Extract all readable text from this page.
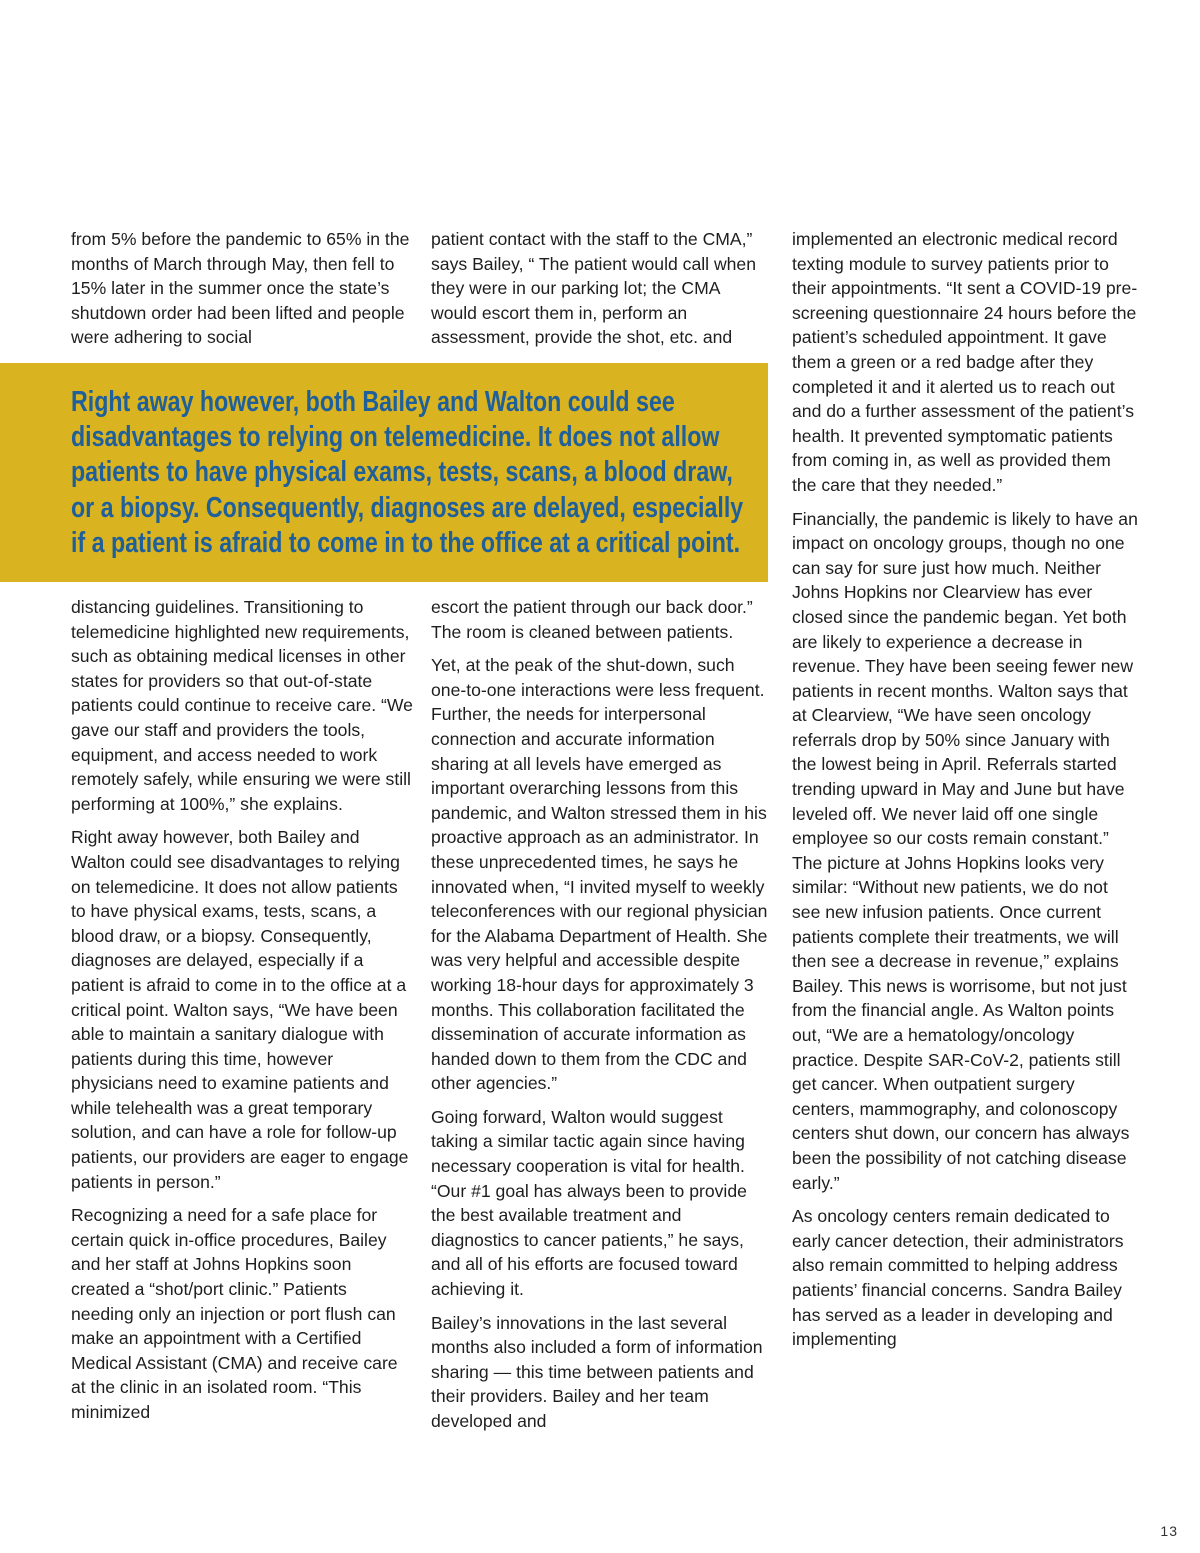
from 5% before the pandemic to 65% in the months of March through May, then fell to 15% later in the summer once the state’s shutdown order had been lifted and people were adhering to social

patient contact with the staff to the CMA,” says Bailey, “ The patient would call when they were in our parking lot; the CMA would escort them in, perform an assessment, provide the shot, etc. and

Right away however, both Bailey and Walton could see disadvantages to relying on telemedicine. It does not allow patients to have physical exams, tests, scans, a blood draw, or a biopsy. Consequently, diagnoses are delayed, especially if a patient is afraid to come in to the office at a critical point.

distancing guidelines. Transitioning to telemedicine highlighted new requirements, such as obtaining medical licenses in other states for providers so that out-of-state patients could continue to receive care. “We gave our staff and providers the tools, equipment, and access needed to work remotely safely, while ensuring we were still performing at 100%,” she explains.

Right away however, both Bailey and Walton could see disadvantages to relying on telemedicine. It does not allow patients to have physical exams, tests, scans, a blood draw, or a biopsy. Consequently, diagnoses are delayed, especially if a patient is afraid to come in to the office at a critical point. Walton says, “We have been able to maintain a sanitary dialogue with patients during this time, however physicians need to examine patients and while telehealth was a great temporary solution, and can have a role for follow-up patients, our providers are eager to engage patients in person.”

Recognizing a need for a safe place for certain quick in-office procedures, Bailey and her staff at Johns Hopkins soon created a “shot/port clinic.” Patients needing only an injection or port flush can make an appointment with a Certified Medical Assistant (CMA) and receive care at the clinic in an isolated room. “This minimized

escort the patient through our back door.” The room is cleaned between patients.

Yet, at the peak of the shut-down, such one-to-one interactions were less frequent. Further, the needs for interpersonal connection and accurate information sharing at all levels have emerged as important overarching lessons from this pandemic, and Walton stressed them in his proactive approach as an administrator. In these unprecedented times, he says he innovated when, “I invited myself to weekly teleconferences with our regional physician for the Alabama Department of Health. She was very helpful and accessible despite working 18-hour days for approximately 3 months. This collaboration facilitated the dissemination of accurate information as handed down to them from the CDC and other agencies.”

Going forward, Walton would suggest taking a similar tactic again since having necessary cooperation is vital for health. “Our #1 goal has always been to provide the best available treatment and diagnostics to cancer patients,” he says, and all of his efforts are focused toward achieving it.

Bailey’s innovations in the last several months also included a form of information sharing — this time between patients and their providers. Bailey and her team developed and

implemented an electronic medical record texting module to survey patients prior to their appointments. “It sent a COVID-19 pre-screening questionnaire 24 hours before the patient’s scheduled appointment. It gave them a green or a red badge after they completed it and it alerted us to reach out and do a further assessment of the patient’s health. It prevented symptomatic patients from coming in, as well as provided them the care that they needed.”

Financially, the pandemic is likely to have an impact on oncology groups, though no one can say for sure just how much. Neither Johns Hopkins nor Clearview has ever closed since the pandemic began. Yet both are likely to experience a decrease in revenue. They have been seeing fewer new patients in recent months. Walton says that at Clearview, “We have seen oncology referrals drop by 50% since January with the lowest being in April. Referrals started trending upward in May and June but have leveled off. We never laid off one single employee so our costs remain constant.” The picture at Johns Hopkins looks very similar: “Without new patients, we do not see new infusion patients. Once current patients complete their treatments, we will then see a decrease in revenue,” explains Bailey. This news is worrisome, but not just from the financial angle. As Walton points out, “We are a hematology/oncology practice. Despite SAR-CoV-2, patients still get cancer. When outpatient surgery centers, mammography, and colonoscopy centers shut down, our concern has always been the possibility of not catching disease early.”

As oncology centers remain dedicated to early cancer detection, their administrators also remain committed to helping address patients’ financial concerns. Sandra Bailey has served as a leader in developing and implementing

13
